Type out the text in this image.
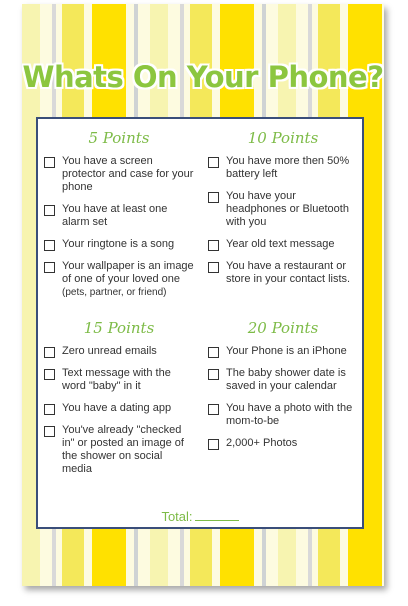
Whats On Your Phone?
5 Points
You have a screen protector and case for your phone
You have at least one alarm set
Your ringtone is a song
Your wallpaper is an image of one of your loved one
(pets, partner, or friend)
10 Points
You have more then 50% battery left
You have your headphones or Bluetooth with you
Year old text message
You have a restaurant or store in your contact lists.
15 Points
Zero unread emails
Text message with the word "baby" in it
You have a dating app
You've already "checked in" or posted an image of the shower on social media
20 Points
Your Phone is an iPhone
The baby shower date is saved in your calendar
You have a photo with the mom-to-be
2,000+ Photos
Total:
